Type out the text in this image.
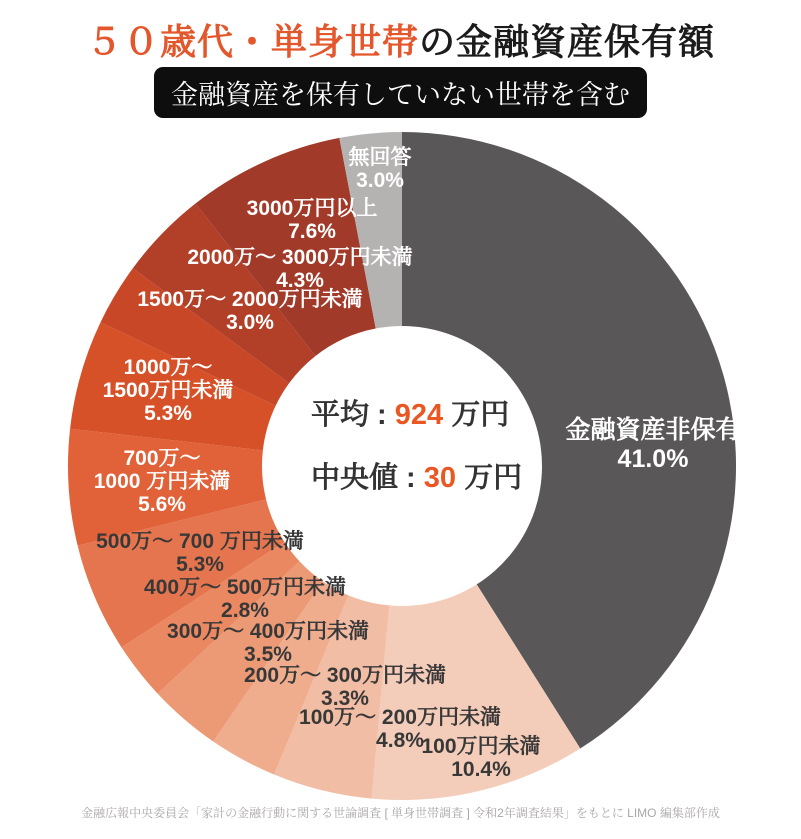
５０歳代・単身世帯の金融資産保有額
金融資産を保有していない世帯を含む
金融資産非保有
41.0%
100万円未満
10.4%
100万～ 200万円未満
4.8%
200万～ 300万円未満
3.3%
300万～ 400万円未満
3.5%
400万～ 500万円未満
2.8%
500万～ 700 万円未満
5.3%
700万～
1000 万円未満
5.6%
1000万～
1500万円未満
5.3%
1500万～ 2000万円未満
3.0%
2000万～ 3000万円未満
4.3%
3000万円以上
7.6%
無回答
3.0%
平均 : 924 万円
中央値 : 30 万円
金融広報中央委員会「家計の金融行動に関する世論調査 [ 単身世帯調査 ] 令和2年調査結果」をもとに LIMO 編集部作成
